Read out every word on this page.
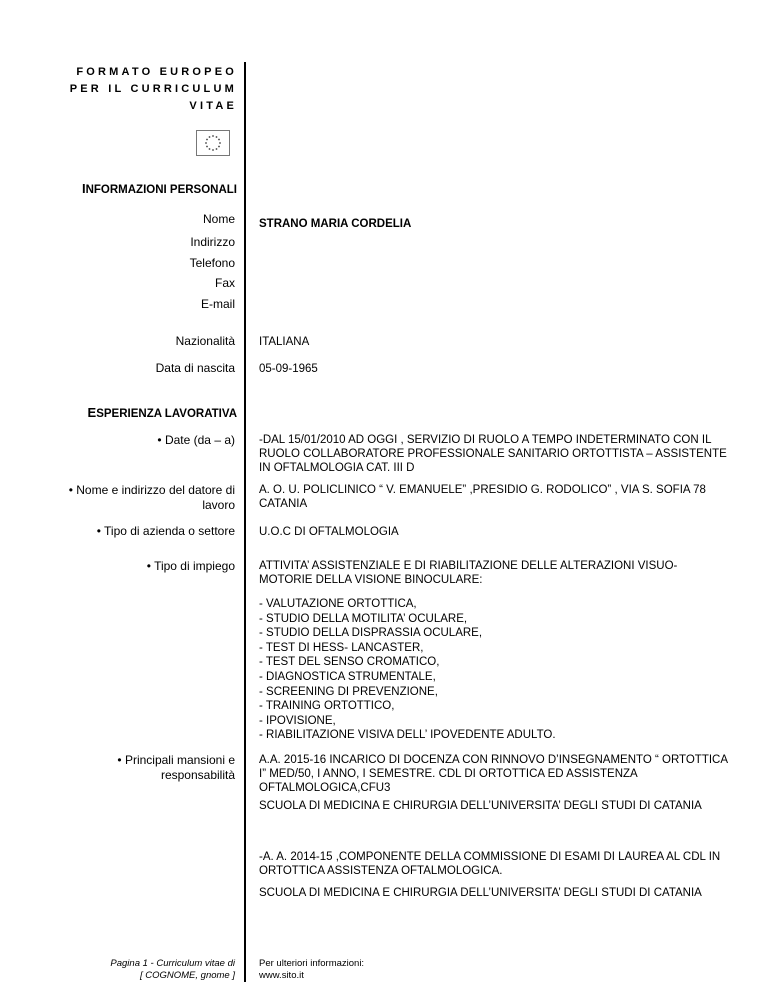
FORMATO EUROPEO
PER IL CURRICULUM
VITAE
INFORMAZIONI PERSONALI
Nome STRANO MARIA CORDELIA
Indirizzo
Telefono
Fax
E-mail
Nazionalità ITALIANA
Data di nascita 05-09-1965
ESPERIENZA LAVORATIVA
• Date (da – a) -DAL 15/01/2010 AD OGGI , SERVIZIO DI RUOLO A TEMPO INDETERMINATO CON IL RUOLO COLLABORATORE PROFESSIONALE SANITARIO ORTOTTISTA – ASSISTENTE IN OFTALMOLOGIA CAT. III D
• Nome e indirizzo del datore di
lavoro
A. O. U. POLICLINICO “ V. EMANUELE” ,PRESIDIO G. RODOLICO” , VIA S. SOFIA 78 CATANIA
• Tipo di azienda o settore U.O.C DI OFTALMOLOGIA
• Tipo di impiego ATTIVITA’ ASSISTENZIALE E DI RIABILITAZIONE DELLE ALTERAZIONI VISUO-MOTORIE DELLA VISIONE BINOCULARE:
- VALUTAZIONE ORTOTTICA,
- STUDIO DELLA MOTILITA’ OCULARE,
- STUDIO DELLA DISPRASSIA OCULARE,
- TEST DI HESS- LANCASTER,
- TEST DEL SENSO CROMATICO,
- DIAGNOSTICA STRUMENTALE,
- SCREENING DI PREVENZIONE,
- TRAINING ORTOTTICO,
- IPOVISIONE,
- RIABILITAZIONE VISIVA DELL’ IPOVEDENTE ADULTO.
• Principali mansioni e
responsabilità
A.A. 2015-16 INCARICO DI DOCENZA CON RINNOVO D’INSEGNAMENTO “ ORTOTTICA I” MED/50, I ANNO, I SEMESTRE. CDL DI ORTOTTICA ED ASSISTENZA OFTALMOLOGICA,CFU3
SCUOLA DI MEDICINA E CHIRURGIA DELL’UNIVERSITA’ DEGLI STUDI DI CATANIA
-A. A. 2014-15 ,COMPONENTE DELLA COMMISSIONE DI ESAMI DI LAUREA AL CDL IN ORTOTTICA ASSISTENZA OFTALMOLOGICA.
SCUOLA DI MEDICINA E CHIRURGIA DELL’UNIVERSITA’ DEGLI STUDI DI CATANIA
Pagina 1 - Curriculum vitae di
[ COGNOME, gnome ]
Per ulteriori informazioni:
www.sito.it
